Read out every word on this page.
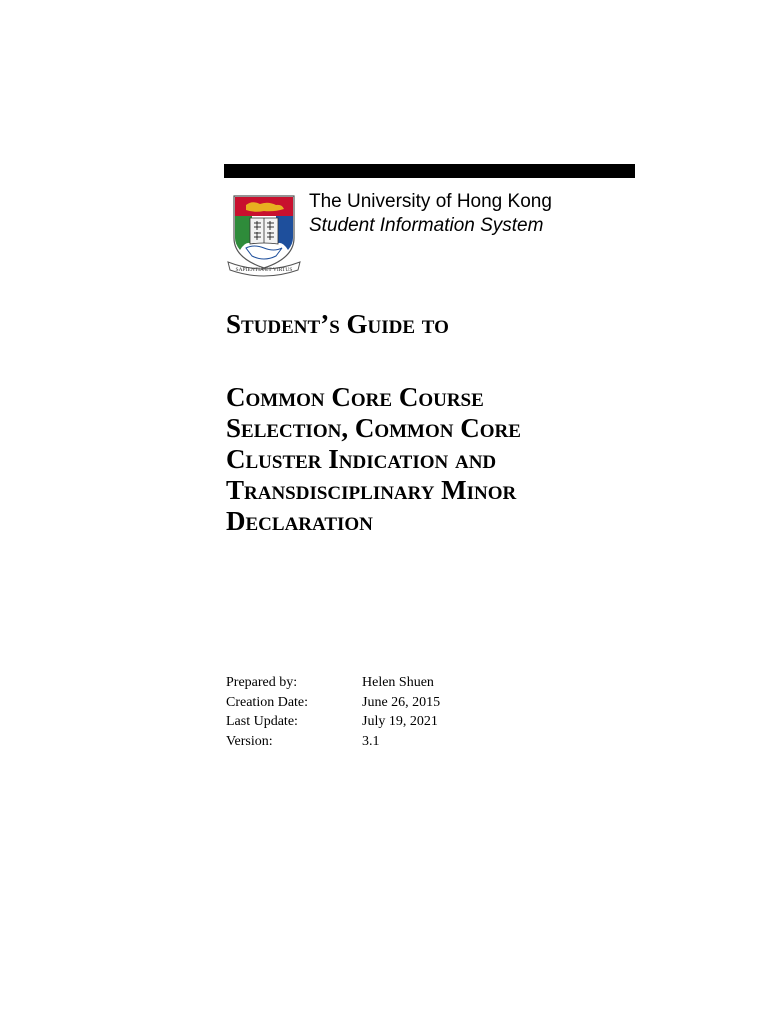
SAPIENTIA ET VIRTUS
The University of Hong Kong
Student Information System
Student’s Guide to
Common Core Course
Selection, Common Core
Cluster Indication and
Transdisciplinary Minor
Declaration
Prepared by:	Helen Shuen
Creation Date:	June 26, 2015
Last Update:	July 19, 2021
Version:	3.1
